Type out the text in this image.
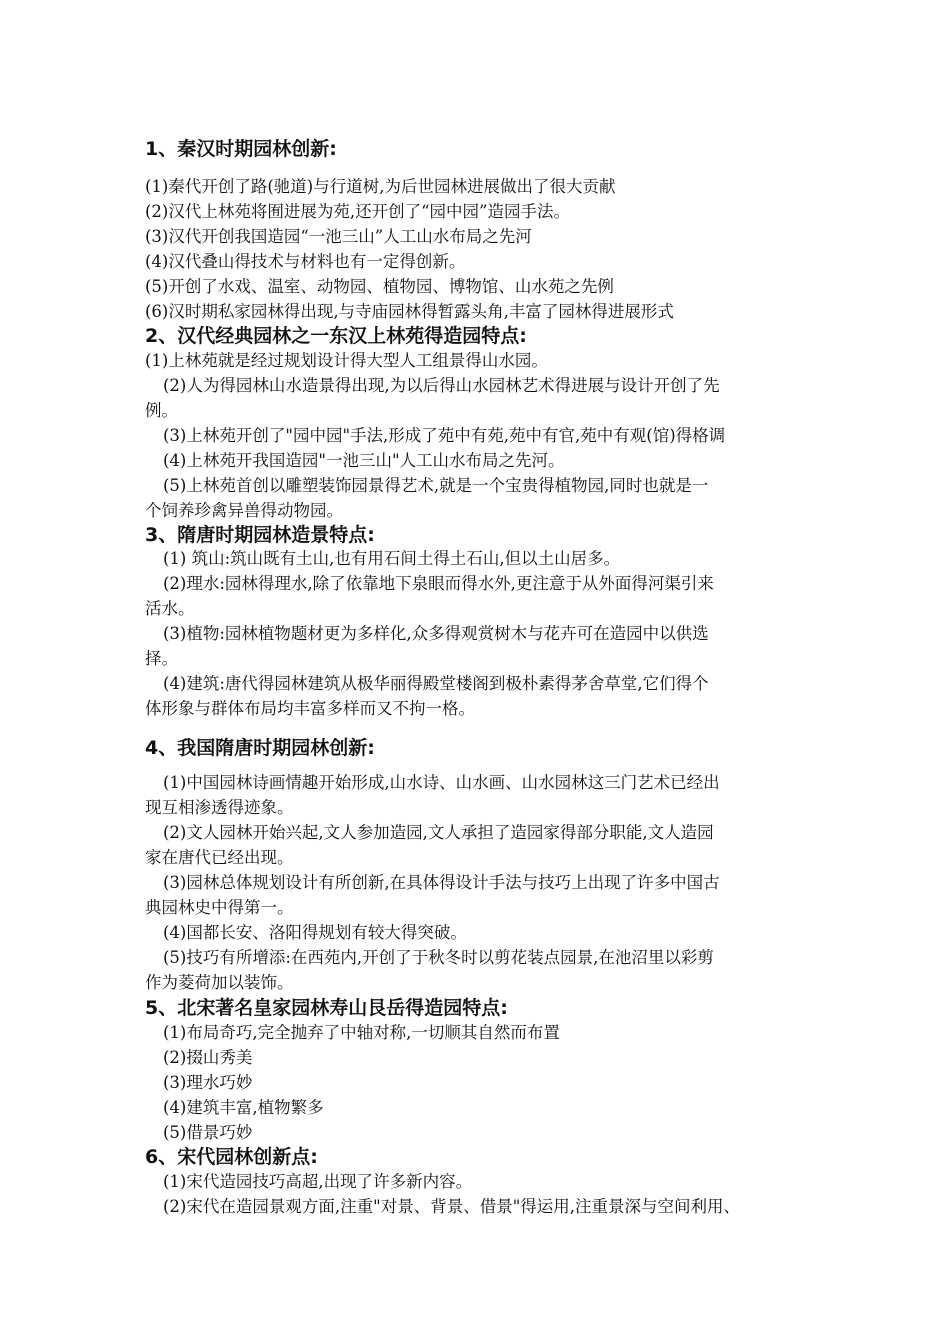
1、秦汉时期园林创新:
(1)秦代开创了路(驰道)与行道树,为后世园林进展做出了很大贡献
(2)汉代上林苑将囿进展为苑,还开创了“园中园”造园手法。
(3)汉代开创我国造园“一池三山”人工山水布局之先河
(4)汉代叠山得技术与材料也有一定得创新。
(5)开创了水戏、温室、动物园、植物园、博物馆、山水苑之先例
(6)汉时期私家园林得出现,与寺庙园林得暂露头角,丰富了园林得进展形式
2、汉代经典园林之一东汉上林苑得造园特点:
(1)上林苑就是经过规划设计得大型人工组景得山水园。
(2)人为得园林山水造景得出现,为以后得山水园林艺术得进展与设计开创了先
例。
(3)上林苑开创了"园中园"手法,形成了苑中有苑,苑中有官,苑中有观(馆)得格调
(4)上林苑开我国造园"一池三山"人工山水布局之先河。
(5)上林苑首创以雕塑装饰园景得艺术,就是一个宝贵得植物园,同时也就是一
个饲养珍禽异兽得动物园。
3、隋唐时期园林造景特点:
(1) 筑山:筑山既有土山,也有用石间土得土石山,但以土山居多。
(2)理水:园林得理水,除了依靠地下泉眼而得水外,更注意于从外面得河渠引来
活水。
(3)植物:园林植物题材更为多样化,众多得观赏树木与花卉可在造园中以供选
择。
(4)建筑:唐代得园林建筑从极华丽得殿堂楼阁到极朴素得茅舍草堂,它们得个
体形象与群体布局均丰富多样而又不拘一格。
4、我国隋唐时期园林创新:
(1)中国园林诗画情趣开始形成,山水诗、山水画、山水园林这三门艺术已经出
现互相渗透得迹象。
(2)文人园林开始兴起,文人参加造园,文人承担了造园家得部分职能,文人造园
家在唐代已经出现。
(3)园林总体规划设计有所创新,在具体得设计手法与技巧上出现了许多中国古
典园林史中得第一。
(4)国都长安、洛阳得规划有较大得突破。
(5)技巧有所增添:在西苑内,开创了于秋冬时以剪花装点园景,在池沼里以彩剪
作为菱荷加以装饰。
5、北宋著名皇家园林寿山艮岳得造园特点:
(1)布局奇巧,完全抛弃了中轴对称,一切顺其自然而布置
(2)掇山秀美
(3)理水巧妙
(4)建筑丰富,植物繁多
(5)借景巧妙
6、宋代园林创新点:
(1)宋代造园技巧高超,出现了许多新内容。
(2)宋代在造园景观方面,注重"对景、背景、借景"得运用,注重景深与空间利用、
